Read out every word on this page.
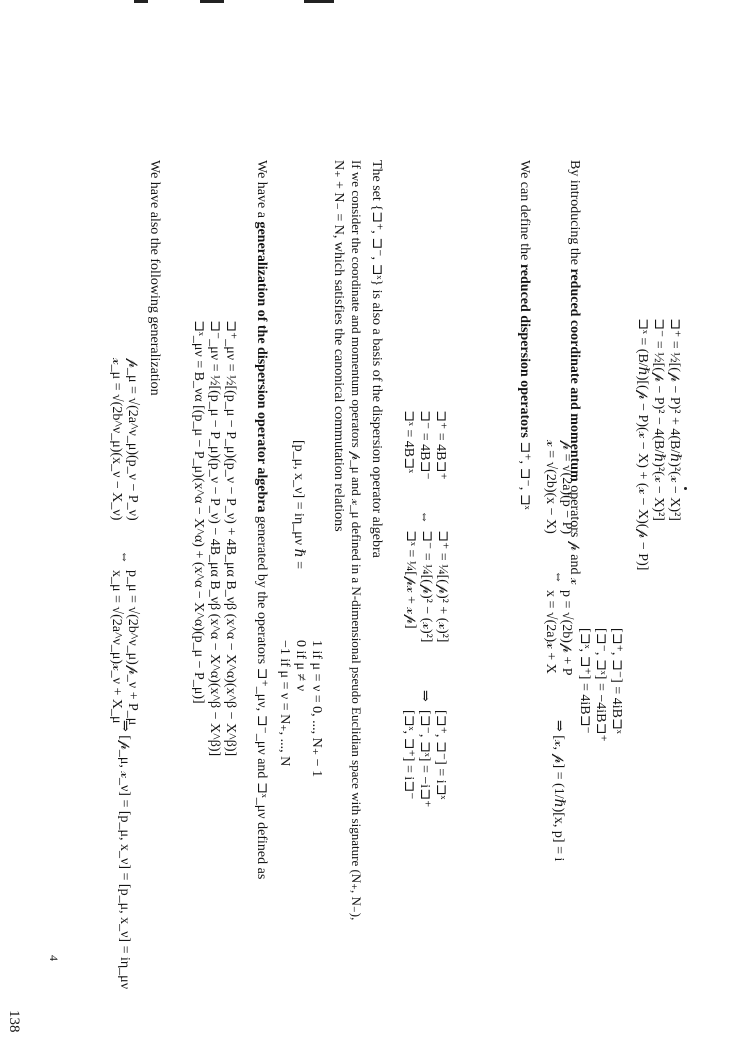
4
⊐⁺ = ½[(𝓅 − P)² + 4(B/ℏ)²(𝓍 − X)²]
⊐⁻ = ½[(𝓅 − P)² − 4(B/ℏ)²(𝓍 − X)²]
⊐ˣ = (B/ℏ)[(𝓅 − P)(𝓍 − X) + (𝓍 − X)(𝓅 − P)]
[⊐⁺, ⊐⁻] = 4iB⊐ˣ
[⊐⁻, ⊐ˣ] = −4iB⊐⁺
[⊐ˣ, ⊐⁺] = 4iB⊐⁻
By introducing the reduced coordinate and momentum operators 𝓅 and 𝓍
𝓅 = √(2a)(p − P)
𝓍 = √(2b)(x − X)
⇔
p = √(2b)𝓅 + P
x = √(2a)𝓍 + X
⇒ [𝓍, 𝓅] = (1/ℏ)[x, p] = i
We can define the reduced dispersion operators ⊐⁺, ⊐⁻, ⊐ˣ
⊐⁺ = 4B⊐⁺
⊐⁻ = 4B⊐⁻
⊐ˣ = 4B⊐ˣ
⇔
⊐⁺ = ¼[(𝓅)² + (𝓍)²]
⊐⁻ = ¼[(𝓅)² − (𝓍)²]
⊐ˣ = ¼[𝓅𝓍 + 𝓍𝓅]
⇒
[⊐⁺, ⊐⁻] = i⊐ˣ
[⊐⁻, ⊐ˣ] = −i⊐⁺
[⊐ˣ, ⊐⁺] = i⊐⁻
The set {⊐⁺, ⊐⁻, ⊐ˣ} is also a basis of the dispersion operator algebra
If we consider the coordinate and momentum operators 𝓅_μ and 𝓍_μ defined in a N-dimensional pseudo Euclidian space with signature (N₊, N₋),
N₊ + N₋ = N, which satisfies the canonical commutation relations
[p_μ, x_ν] = iη_μν ℏ =
1 if μ = ν = 0, ..., N₊ − 1
0 if μ ≠ ν
−1 if μ = ν = N₊, ..., N
We have a generalization of the dispersion operator algebra generated by the operators ⊐⁺_μν, ⊐⁻_μν and ⊐ˣ_μν defined as
⊐⁺_μν = ½[(p_μ − P_μ)(p_ν − P_ν) + 4B_μα B_νβ (x^α − X^α)(x^β − X^β)]
⊐⁻_μν = ½[(p_μ − P_μ)(p_ν − P_ν) − 4B_μα B_νβ (x^α − X^α)(x^β − X^β)]
⊐ˣ_μν = B_να [(p_μ − P_μ)(x^α − X^α) + (x^α − X^α)(p_μ − P_μ)]
We have also the following generalization
𝓅_μ = √(2a^ν_μ)(p_ν − P_ν)
𝓍_μ = √(2b^ν_μ)(x_ν − X_ν)
⇔
p_μ = √(2b^ν_μ)𝓅_ν + P_μ
x_μ = √(2a^ν_μ)𝓍_ν + X_μ
⇒ [𝓅_μ, 𝓍_ν] = [p_μ, x_ν] = [p_μ, x_ν] = iη_μν
138
